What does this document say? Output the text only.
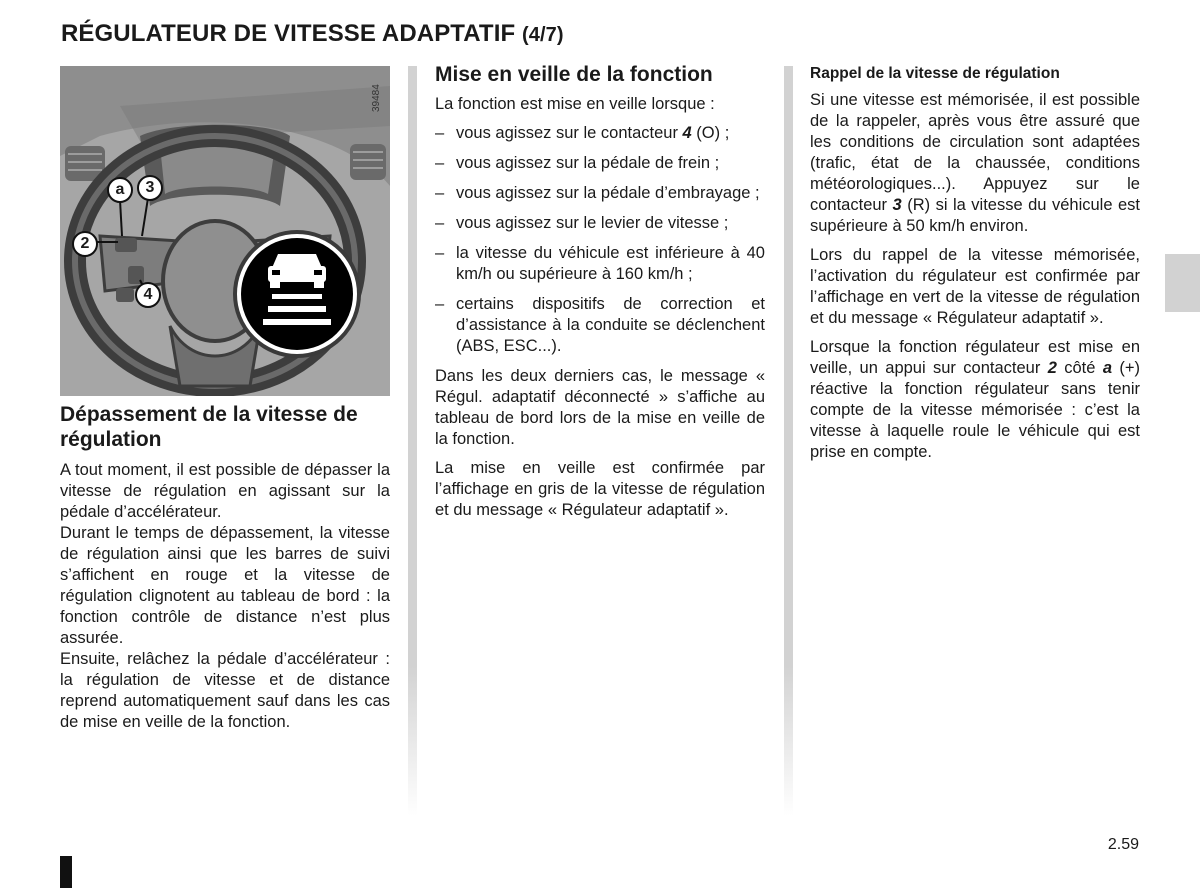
RÉGULATEUR DE VITESSE ADAPTATIF (4/7)
a	3
2
4
39484
Dépassement de la vitesse de régulation

A tout moment, il est possible de dépasser la vitesse de régulation en agissant sur la pédale d’accélérateur.

Durant le temps de dépassement, la vitesse de régulation ainsi que les barres de suivi s’affichent en rouge et la vitesse de régulation clignotent au tableau de bord : la fonction contrôle de distance n’est plus assurée.

Ensuite, relâchez la pédale d’accélérateur : la régulation de vitesse et de distance reprend automatiquement sauf dans les cas de mise en veille de la fonction.

Mise en veille de la fonction

La fonction est mise en veille lorsque :

– vous agissez sur le contacteur 4 (O) ;
– vous agissez sur la pédale de frein ;
– vous agissez sur la pédale d’embrayage ;
– vous agissez sur le levier de vitesse ;
– la vitesse du véhicule est inférieure à 40 km/h ou supérieure à 160 km/h ;
– certains dispositifs de correction et d’assistance à la conduite se déclenchent (ABS, ESC...).

Dans les deux derniers cas, le message « Régul. adaptatif déconnecté » s’affiche au tableau de bord lors de la mise en veille de la fonction.

La mise en veille est confirmée par l’affichage en gris de la vitesse de régulation et du message « Régulateur adaptatif ».

Rappel de la vitesse de régulation

Si une vitesse est mémorisée, il est possible de la rappeler, après vous être assuré que les conditions de circulation sont adaptées (trafic, état de la chaussée, conditions météorologiques...). Appuyez sur le contacteur 3 (R) si la vitesse du véhicule est supérieure à 50 km/h environ.

Lors du rappel de la vitesse mémorisée, l’activation du régulateur est confirmée par l’affichage en vert de la vitesse de régulation et du message « Régulateur adaptatif ».

Lorsque la fonction régulateur est mise en veille, un appui sur contacteur 2 côté a (+) réactive la fonction régulateur sans tenir compte de la vitesse mémorisée : c’est la vitesse à laquelle roule le véhicule qui est prise en compte.

2.59
